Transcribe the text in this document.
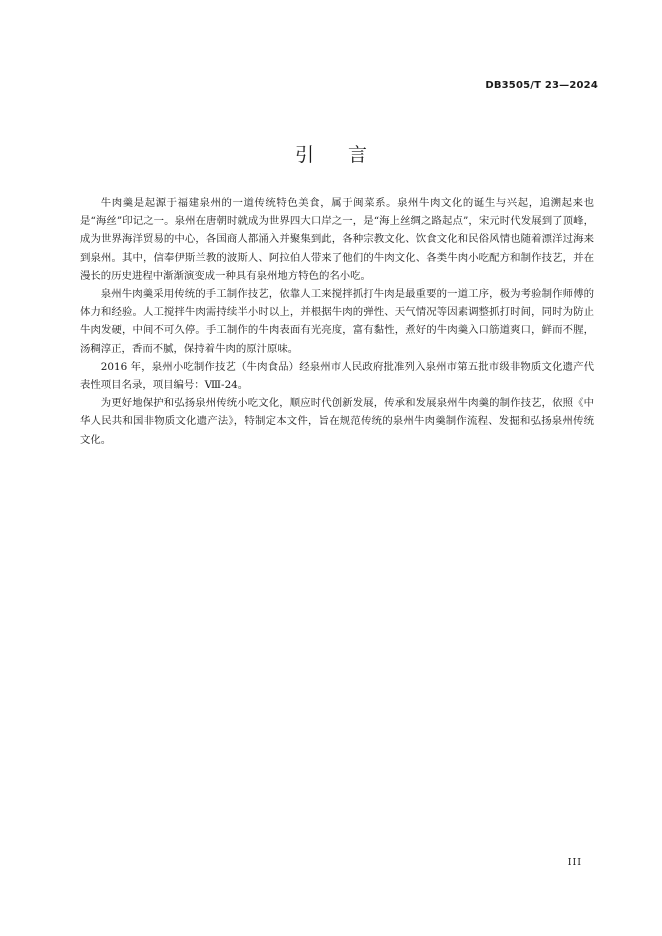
DB3505/T 23—2024
引言

牛肉羹是起源于福建泉州的一道传统特色美食，属于闽菜系。泉州牛肉文化的诞生与兴起，追溯起来也是“海丝”印记之一。泉州在唐朝时就成为世界四大口岸之一，是“海上丝绸之路起点”，宋元时代发展到了顶峰，成为世界海洋贸易的中心，各国商人都涌入并聚集到此，各种宗教文化、饮食文化和民俗风情也随着漂洋过海来到泉州。其中，信奉伊斯兰教的波斯人、阿拉伯人带来了他们的牛肉文化、各类牛肉小吃配方和制作技艺，并在漫长的历史进程中渐渐演变成一种具有泉州地方特色的名小吃。

泉州牛肉羹采用传统的手工制作技艺，依靠人工来搅拌抓打牛肉是最重要的一道工序，极为考验制作师傅的体力和经验。人工搅拌牛肉需持续半小时以上，并根据牛肉的弹性、天气情况等因素调整抓打时间，同时为防止牛肉发硬，中间不可久停。手工制作的牛肉表面有光亮度，富有黏性，煮好的牛肉羹入口筋道爽口，鲜而不腥，汤稠淳正，香而不腻，保持着牛肉的原汁原味。

2016 年，泉州小吃制作技艺（牛肉食品）经泉州市人民政府批准列入泉州市第五批市级非物质文化遗产代表性项目名录，项目编号：Ⅷ-24。

为更好地保护和弘扬泉州传统小吃文化，顺应时代创新发展，传承和发展泉州牛肉羹的制作技艺，依照《中华人民共和国非物质文化遗产法》，特制定本文件，旨在规范传统的泉州牛肉羹制作流程、发掘和弘扬泉州传统文化。

III
